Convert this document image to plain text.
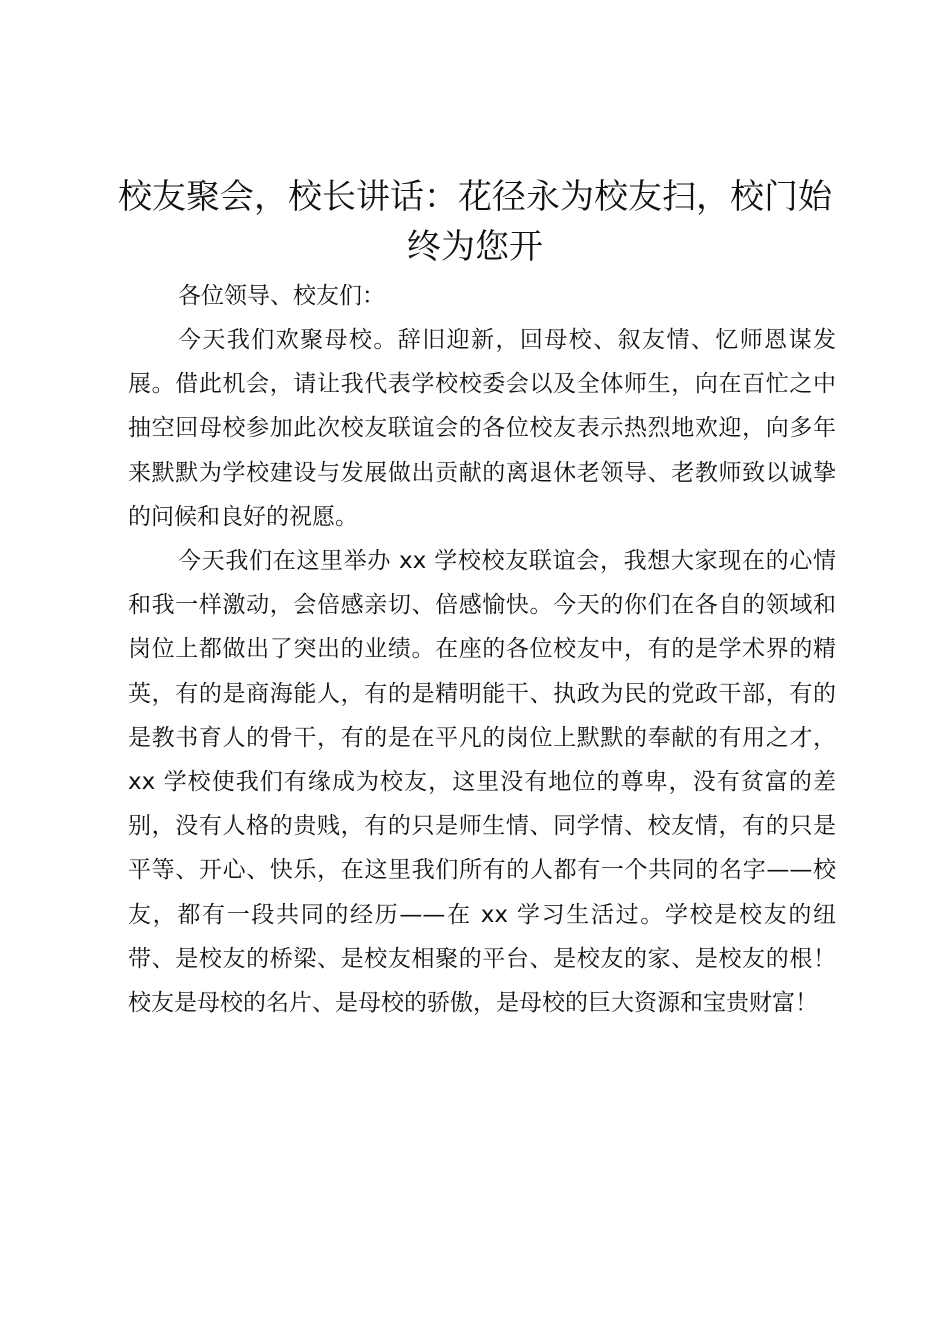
校友聚会，校长讲话：花径永为校友扫，校门始终为您开

各位领导、校友们：

今天我们欢聚母校。辞旧迎新，回母校、叙友情、忆师恩谋发展。借此机会，请让我代表学校校委会以及全体师生，向在百忙之中抽空回母校参加此次校友联谊会的各位校友表示热烈地欢迎，向多年来默默为学校建设与发展做出贡献的离退休老领导、老教师致以诚挚的问候和良好的祝愿。

今天我们在这里举办 xx 学校校友联谊会，我想大家现在的心情和我一样激动，会倍感亲切、倍感愉快。今天的你们在各自的领域和岗位上都做出了突出的业绩。在座的各位校友中，有的是学术界的精英，有的是商海能人，有的是精明能干、执政为民的党政干部，有的是教书育人的骨干，有的是在平凡的岗位上默默的奉献的有用之才，xx 学校使我们有缘成为校友，这里没有地位的尊卑，没有贫富的差别，没有人格的贵贱，有的只是师生情、同学情、校友情，有的只是平等、开心、快乐，在这里我们所有的人都有一个共同的名字——校友，都有一段共同的经历——在 xx 学习生活过。学校是校友的纽带、是校友的桥梁、是校友相聚的平台、是校友的家、是校友的根！校友是母校的名片、是母校的骄傲，是母校的巨大资源和宝贵财富！
